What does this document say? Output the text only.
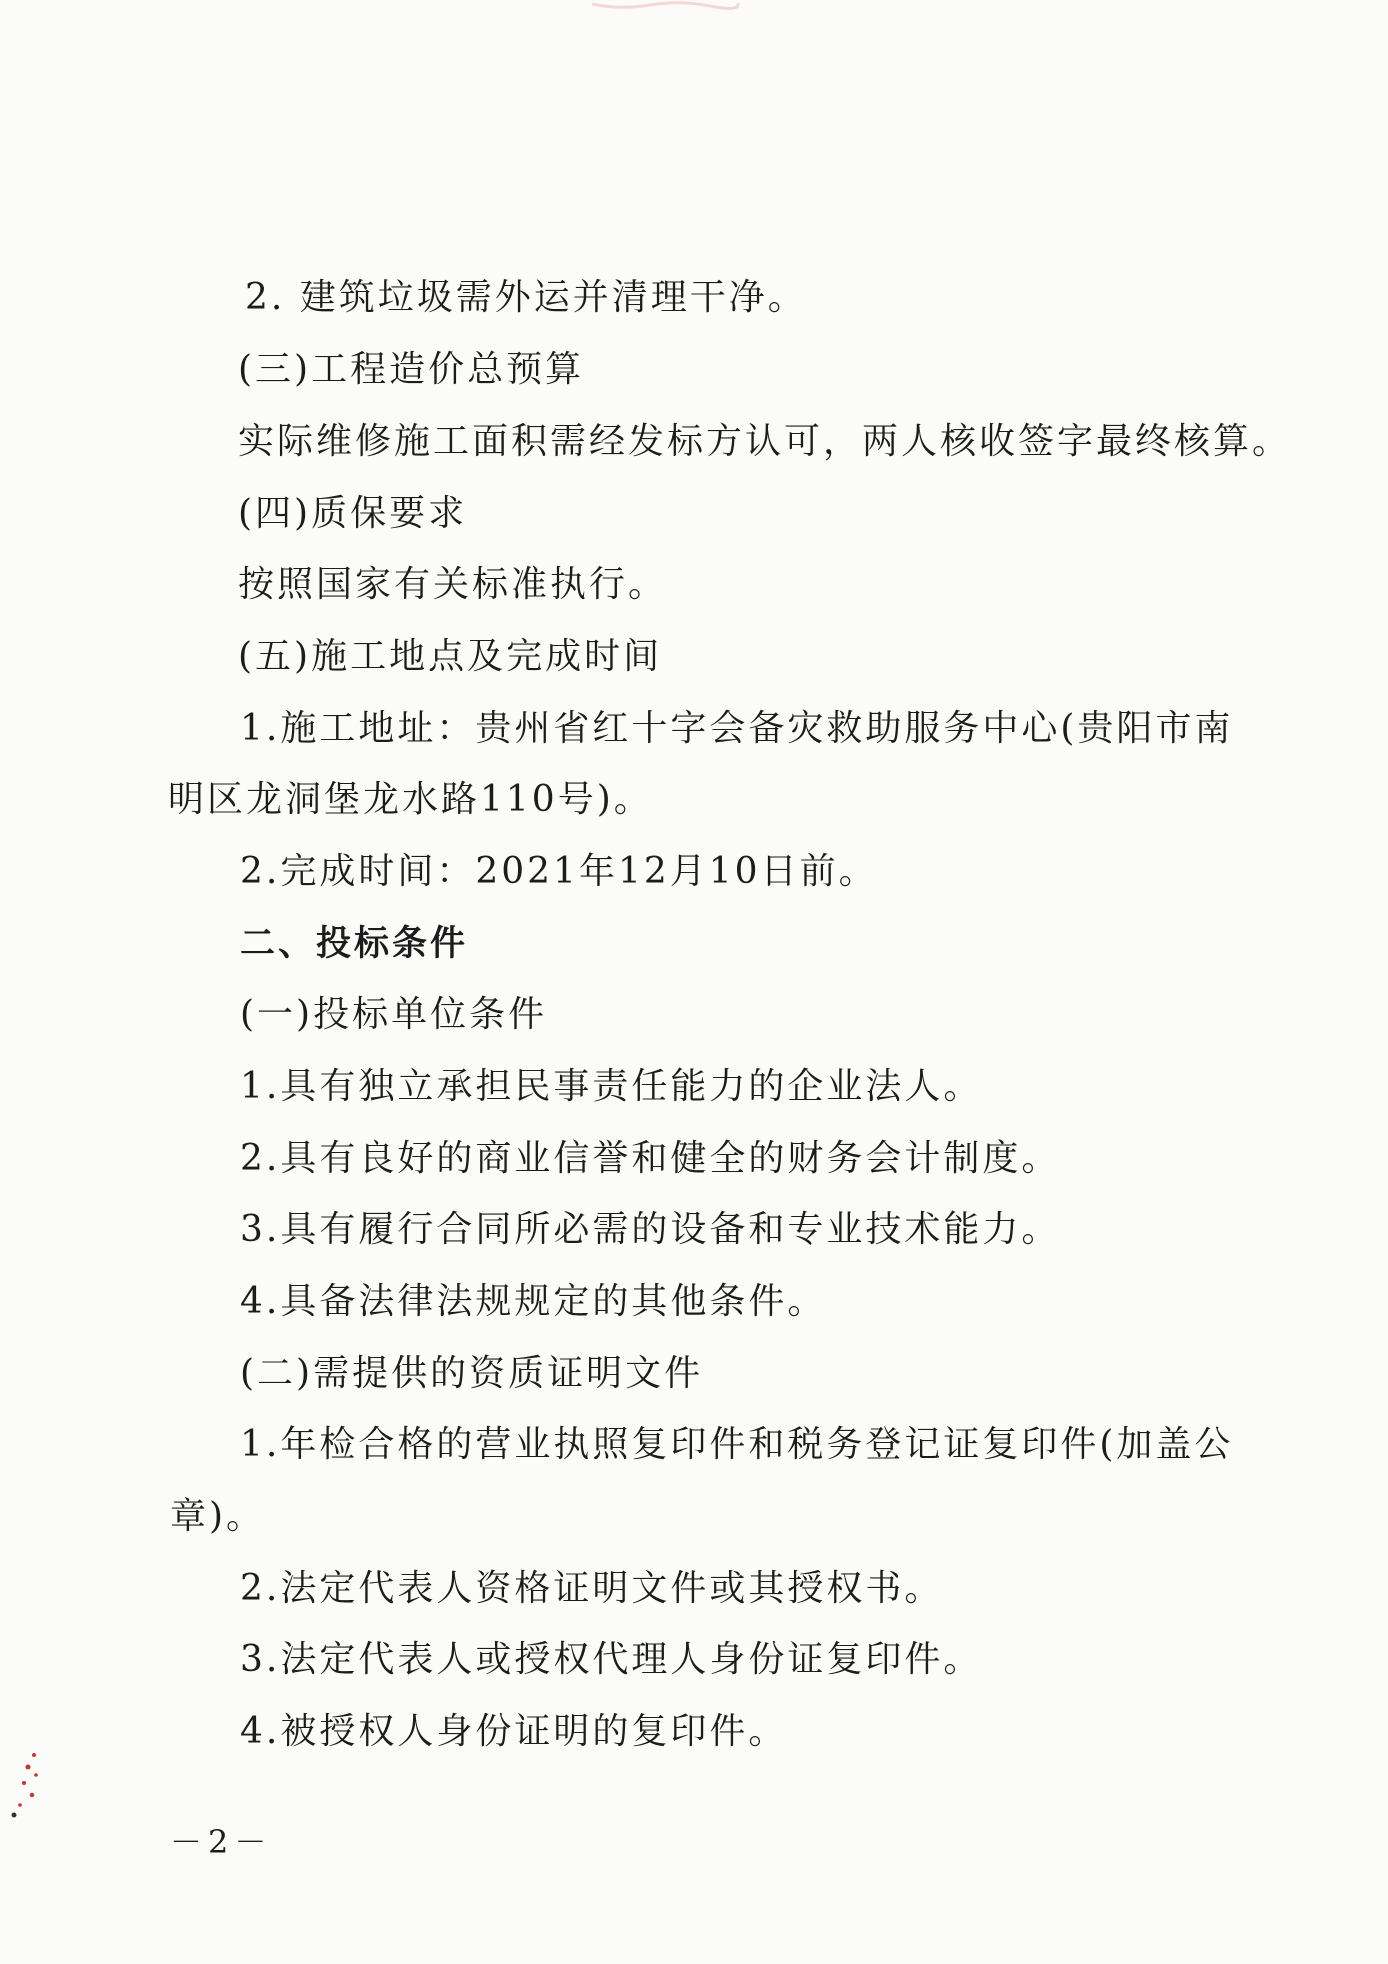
2. 建筑垃圾需外运并清理干净。
(三)工程造价总预算
实际维修施工面积需经发标方认可，两人核收签字最终核算。
(四)质保要求
按照国家有关标准执行。
(五)施工地点及完成时间
1.施工地址：贵州省红十字会备灾救助服务中心(贵阳市南
明区龙洞堡龙水路110号)。
2.完成时间：2021年12月10日前。
二、投标条件
(一)投标单位条件
1.具有独立承担民事责任能力的企业法人。
2.具有良好的商业信誉和健全的财务会计制度。
3.具有履行合同所必需的设备和专业技术能力。
4.具备法律法规规定的其他条件。
(二)需提供的资质证明文件
1.年检合格的营业执照复印件和税务登记证复印件(加盖公
章)。
2.法定代表人资格证明文件或其授权书。
3.法定代表人或授权代理人身份证复印件。
4.被授权人身份证明的复印件。
－2－
